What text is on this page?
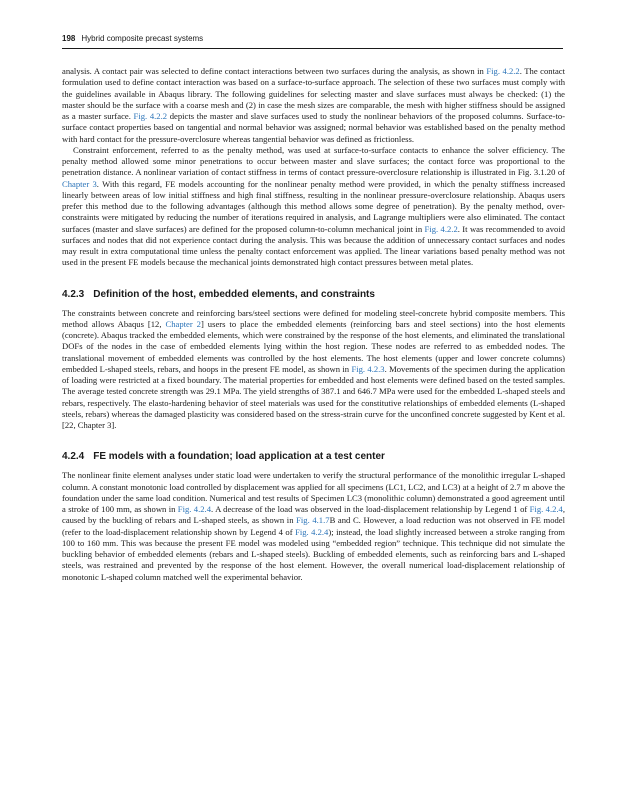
198 Hybrid composite precast systems

analysis. A contact pair was selected to define contact interactions between two surfaces during the analysis, as shown in Fig. 4.2.2. The contact formulation used to define contact interaction was based on a surface-to-surface approach. The selection of these two surfaces must comply with the guidelines available in Abaqus library. The following guidelines for selecting master and slave surfaces must always be checked: (1) the master should be the surface with a coarse mesh and (2) in case the mesh sizes are comparable, the mesh with higher stiffness should be assigned as a master surface. Fig. 4.2.2 depicts the master and slave surfaces used to study the nonlinear behaviors of the proposed columns. Surface-to-surface contact properties based on tangential and normal behavior was assigned; normal behavior was established based on the penalty method with hard contact for the pressure-overclosure whereas tangential behavior was defined as frictionless.

Constraint enforcement, referred to as the penalty method, was used at surface-to-surface contacts to enhance the solver efficiency. The penalty method allowed some minor penetrations to occur between master and slave surfaces; the contact force was proportional to the penetration distance. A nonlinear variation of contact stiffness in terms of contact pressure-overclosure relationship is illustrated in Fig. 3.1.20 of Chapter 3. With this regard, FE models accounting for the nonlinear penalty method were provided, in which the penalty stiffness increased linearly between areas of low initial stiffness and high final stiffness, resulting in the nonlinear pressure-overclosure relationship. Abaqus users prefer this method due to the following advantages (although this method allows some degree of penetration). By the penalty method, over-constraints were mitigated by reducing the number of iterations required in analysis, and Lagrange multipliers were also eliminated. The contact surfaces (master and slave surfaces) are defined for the proposed column-to-column mechanical joint in Fig. 4.2.2. It was recommended to avoid surfaces and nodes that did not experience contact during the analysis. This was because the addition of unnecessary contact surfaces and nodes may result in extra computational time unless the penalty contact enforcement was applied. The linear variations based penalty method was not used in the present FE models because the mechanical joints demonstrated high contact pressures between metal plates.

4.2.3 Definition of the host, embedded elements, and constraints

The constraints between concrete and reinforcing bars/steel sections were defined for modeling steel-concrete hybrid composite members. This method allows Abaqus [12, Chapter 2] users to place the embedded elements (reinforcing bars and steel sections) into the host elements (concrete). Abaqus tracked the embedded elements, which were constrained by the response of the host elements, and eliminated the translational DOFs of the nodes in the case of embedded elements lying within the host region. These nodes are referred to as embedded nodes. The translational movement of embedded elements was controlled by the host elements. The host elements (upper and lower concrete columns) embedded L-shaped steels, rebars, and hoops in the present FE model, as shown in Fig. 4.2.3. Movements of the specimen during the application of loading were restricted at a fixed boundary. The material properties for embedded and host elements were defined based on the tested samples. The average tested concrete strength was 29.1 MPa. The yield strengths of 387.1 and 646.7 MPa were used for the embedded L-shaped steels and rebars, respectively. The elasto-hardening behavior of steel materials was used for the constitutive relationships of embedded elements (L-shaped steels, rebars) whereas the damaged plasticity was considered based on the stress-strain curve for the unconfined concrete suggested by Kent et al. [22, Chapter 3].

4.2.4 FE models with a foundation; load application at a test center

The nonlinear finite element analyses under static load were undertaken to verify the structural performance of the monolithic irregular L-shaped column. A constant monotonic load controlled by displacement was applied for all specimens (LC1, LC2, and LC3) at a height of 2.7 m above the foundation under the same load condition. Numerical and test results of Specimen LC3 (monolithic column) demonstrated a good agreement until a stroke of 100 mm, as shown in Fig. 4.2.4. A decrease of the load was observed in the load-displacement relationship by Legend 1 of Fig. 4.2.4, caused by the buckling of rebars and L-shaped steels, as shown in Fig. 4.1.7B and C. However, a load reduction was not observed in FE model (refer to the load-displacement relationship shown by Legend 4 of Fig. 4.2.4); instead, the load slightly increased between a stroke ranging from 100 to 160 mm. This was because the present FE model was modeled using “embedded region” technique. This technique did not simulate the buckling behavior of embedded elements (rebars and L-shaped steels). Buckling of embedded elements, such as reinforcing bars and L-shaped steels, was restrained and prevented by the response of the host element. However, the overall numerical load-displacement relationship of monotonic L-shaped column matched well the experimental behavior.
